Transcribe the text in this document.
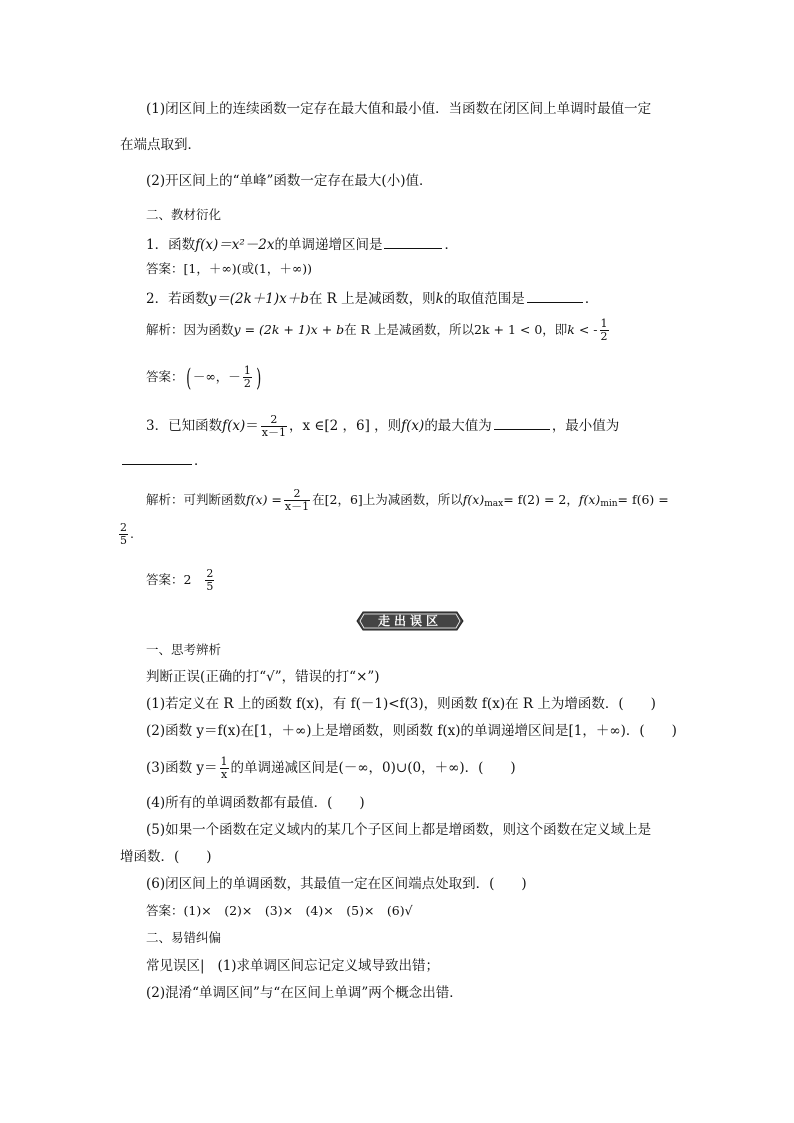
(1)闭区间上的连续函数一定存在最大值和最小值．当函数在闭区间上单调时最值一定
在端点取到．
(2)开区间上的“单峰”函数一定存在最大(小)值．
二、教材衍化
1．函数f(x)＝x²－2x的单调递增区间是	．
答案：[1，＋∞)(或(1，＋∞))
2．若函数y＝(2k＋1)x＋b在 R 上是减函数，则k的取值范围是	．
解析：因为函数y = (2k + 1)x + b在 R 上是减函数，所以2k + 1 < 0，即k < - $\frac{1}{2}$
答案：( －∞，－ $\frac{1}{2}$ )
3．已知函数$f(x)= \frac{2}{x-1}$ ，x ∈[2 ，6] ，则f(x)的最大值为	，最小值为
．
解析：可判断函数$f(x) = \frac{2}{x-1}$ 在[2，6]上为减函数，所以$f(x)_{max}= f(2) = 2$，$f(x)_{min}= f(6)$ =
$\frac{2}{5}$ .
答案：$2 \frac{2}{5}$
走出误区
一、思考辨析
判断正误(正确的打“√”，错误的打“×”)
(1)若定义在 R 上的函数 f(x)，有 f(－1)<f(3)，则函数 f(x)在 R 上为增函数．(　　)
(2)函数 y＝f(x)在[1，＋∞)上是增函数，则函数 f(x)的单调递增区间是[1，＋∞)．(　　)
(3)函数 $y= \frac{1}{x}$ 的单调递减区间是(－∞，0)∪(0，＋∞)．(　　)
(4)所有的单调函数都有最值．(　　)
(5)如果一个函数在定义域内的某几个子区间上都是增函数，则这个函数在定义域上是
增函数．(　　)
(6)闭区间上的单调函数，其最值一定在区间端点处取到．(　　)
答案：(1)×　(2)×　(3)×　(4)×　(5)×　(6)√
二、易错纠偏
常见误区| (1)求单调区间忘记定义域导致出错；
(2)混淆“单调区间”与“在区间上单调”两个概念出错．
